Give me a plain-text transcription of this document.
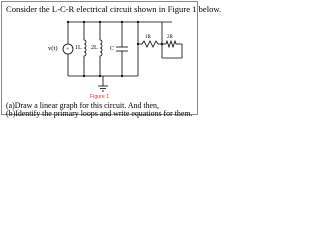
Consider the L-C-R electrical circuit shown in Figure 1 below.
v(t) + 1L 2L C
1R	2R
Figure 1
(a)Draw a linear graph for this circuit. And then,
(b)Identify the primary loops and write equations for them.
